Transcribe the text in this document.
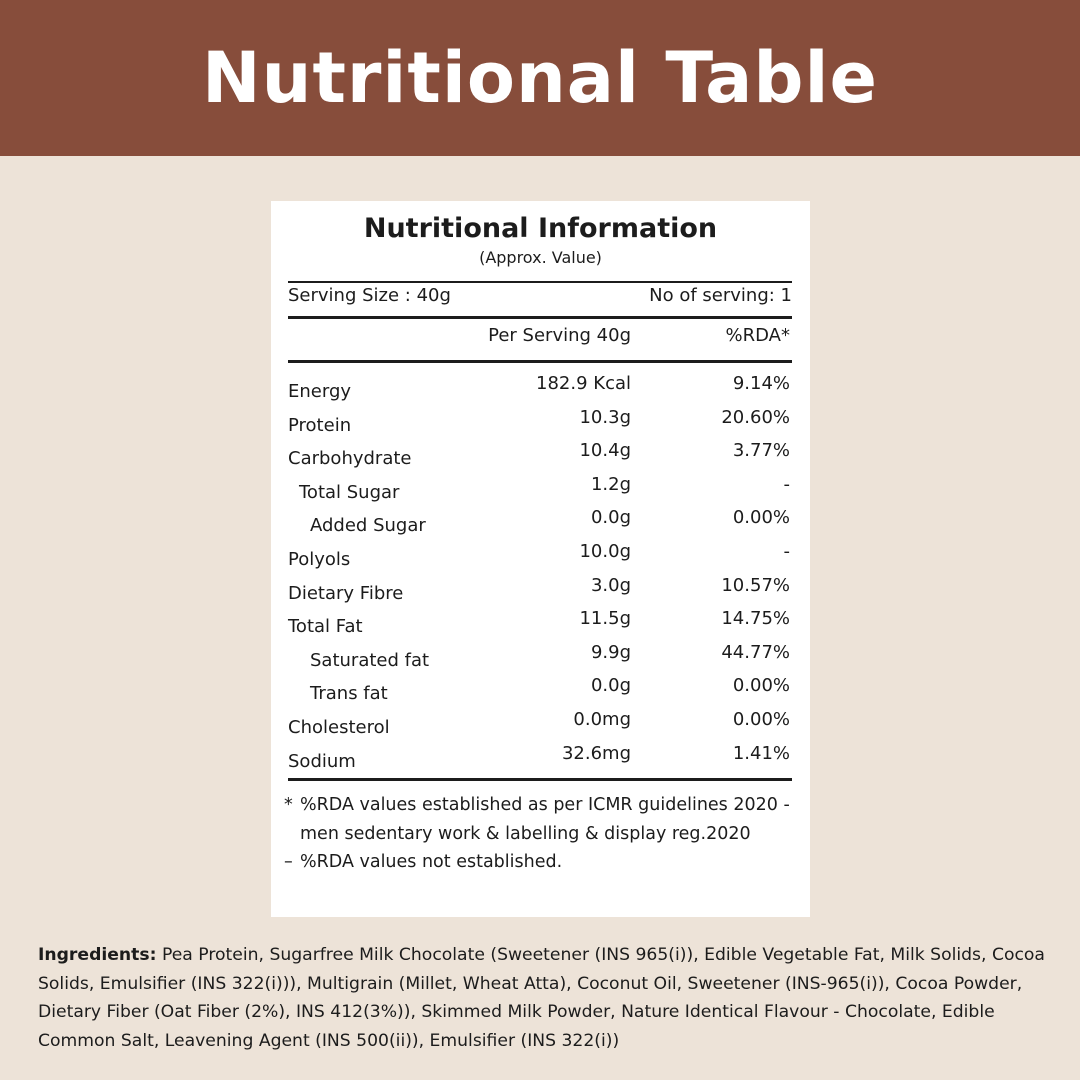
Nutritional Table
Nutritional Information
(Approx. Value)
Serving Size : 40g	No of serving: 1
Per Serving 40g	%RDA*
Energy	182.9 Kcal	9.14%
Protein	10.3g	20.60%
Carbohydrate	10.4g	3.77%
Total Sugar	1.2g	-
Added Sugar	0.0g	0.00%
Polyols	10.0g	-
Dietary Fibre	3.0g	10.57%
Total Fat	11.5g	14.75%
Saturated fat	9.9g	44.77%
Trans fat	0.0g	0.00%
Cholesterol	0.0mg	0.00%
Sodium	32.6mg	1.41%
* %RDA values established as per ICMR guidelines 2020 - men sedentary work & labelling & display reg.2020
– %RDA values not established.
Ingredients: Pea Protein, Sugarfree Milk Chocolate (Sweetener (INS 965(i)), Edible Vegetable Fat, Milk Solids, Cocoa Solids, Emulsifier (INS 322(i))), Multigrain (Millet, Wheat Atta), Coconut Oil, Sweetener (INS-965(i)), Cocoa Powder, Dietary Fiber (Oat Fiber (2%), INS 412(3%)), Skimmed Milk Powder, Nature Identical Flavour - Chocolate, Edible Common Salt, Leavening Agent (INS 500(ii)), Emulsifier (INS 322(i))
